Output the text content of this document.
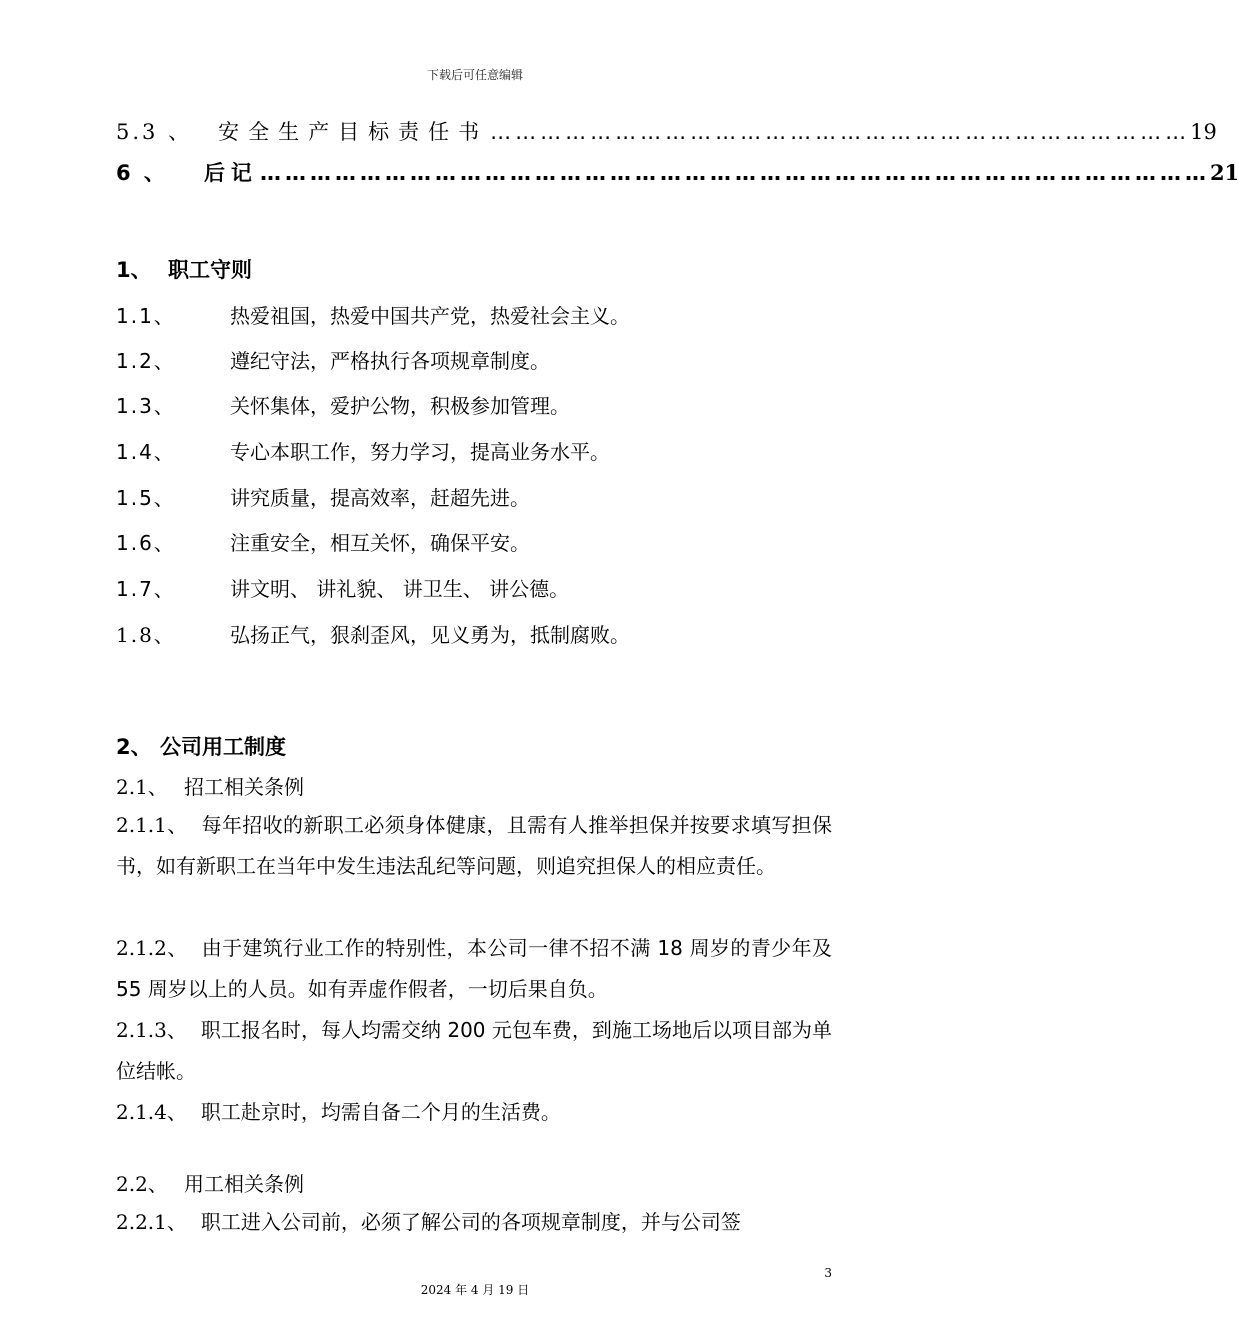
下载后可任意编辑
5.3 、 安全生产目标责任书 ………………………………………………………………………… 19
6 、 后记 …………………………………………………………………………………………………… 21
1、 职工守则
1.1、	热爱祖国，热爱中国共产党，热爱社会主义。
1.2、	遵纪守法，严格执行各项规章制度。
1.3、	关怀集体，爱护公物，积极参加管理。
1.4、	专心本职工作，努力学习，提高业务水平。
1.5、	讲究质量，提高效率，赶超先进。
1.6、	注重安全，相互关怀，确保平安。
1.7、	讲文明、 讲礼貌、 讲卫生、 讲公德。
1.8、	弘扬正气，狠刹歪风，见义勇为，抵制腐败。
2、 公司用工制度
2.1、 招工相关条例
2.1.1、 每年招收的新职工必须身体健康，且需有人推举担保并按要求填写担保书，如有新职工在当年中发生违法乱纪等问题，则追究担保人的相应责任。
2.1.2、 由于建筑行业工作的特别性，本公司一律不招不满 18 周岁的青少年及 55 周岁以上的人员。如有弄虚作假者，一切后果自负。
2.1.3、 职工报名时，每人均需交纳 200 元包车费，到施工场地后以项目部为单位结帐。
2.1.4、 职工赴京时，均需自备二个月的生活费。
2.2、 用工相关条例
2.2.1、 职工进入公司前，必须了解公司的各项规章制度，并与公司签
3
2024 年 4 月 19 日
